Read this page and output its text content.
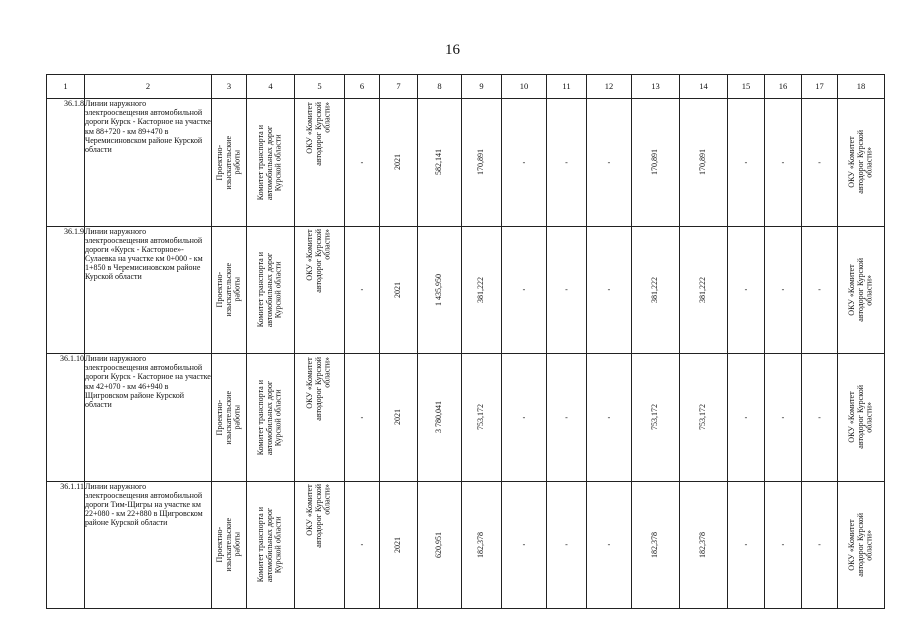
16
1	2	3	4	5	6	7	8	9	10	11	12	13	14	15	16	17	18
36.1.8	Линии наружного электроосвещения автомобильной дороги Курск - Касторное на участке км 88+720 - км 89+470 в Черемисиновском районе Курской области	Проектно-
изыскательские
работы	Комитет транспорта и
автомобильных дорог
Курской области	ОКУ «Комитет
автодорог Курской
области»	-	2021	582,141	170,891	-	-	-	170,891	170,891	-	-	-	ОКУ «Комитет
автодорог Курской
области»

36.1.9	Линии наружного электроосвещения автомобильной дороги «Курск - Касторное»-Сулаевка на участке км 0+000 - км 1+850 в Черемисиновском районе Курской области	Проектно-
изыскательские
работы	Комитет транспорта и
автомобильных дорог
Курской области	ОКУ «Комитет
автодорог Курской
области»	-	2021	1 435,950	381,222	-	-	-	381,222	381,222	-	-	-	ОКУ «Комитет
автодорог Курской
области»

36.1.10	Линии наружного электроосвещения автомобильной дороги Курск - Касторное на участке км 42+070 - км 46+940 в Щигровском районе Курской области	Проектно-
изыскательские
работы	Комитет транспорта и
автомобильных дорог
Курской области	ОКУ «Комитет
автодорог Курской
области»	-	2021	3 780,041	753,172	-	-	-	753,172	753,172	-	-	-	ОКУ «Комитет
автодорог Курской
области»

36.1.11	Линии наружного электроосвещения автомобильной дороги Тим-Щигры на участке км 22+080 - км 22+880 в Щигровском районе Курской области	Проектно-
изыскательские
работы	Комитет транспорта и
автомобильных дорог
Курской области	ОКУ «Комитет
автодорог Курской
области»	-	2021	620,951	182,378	-	-	-	182,378	182,378	-	-	-	ОКУ «Комитет
автодорог Курской
области»
